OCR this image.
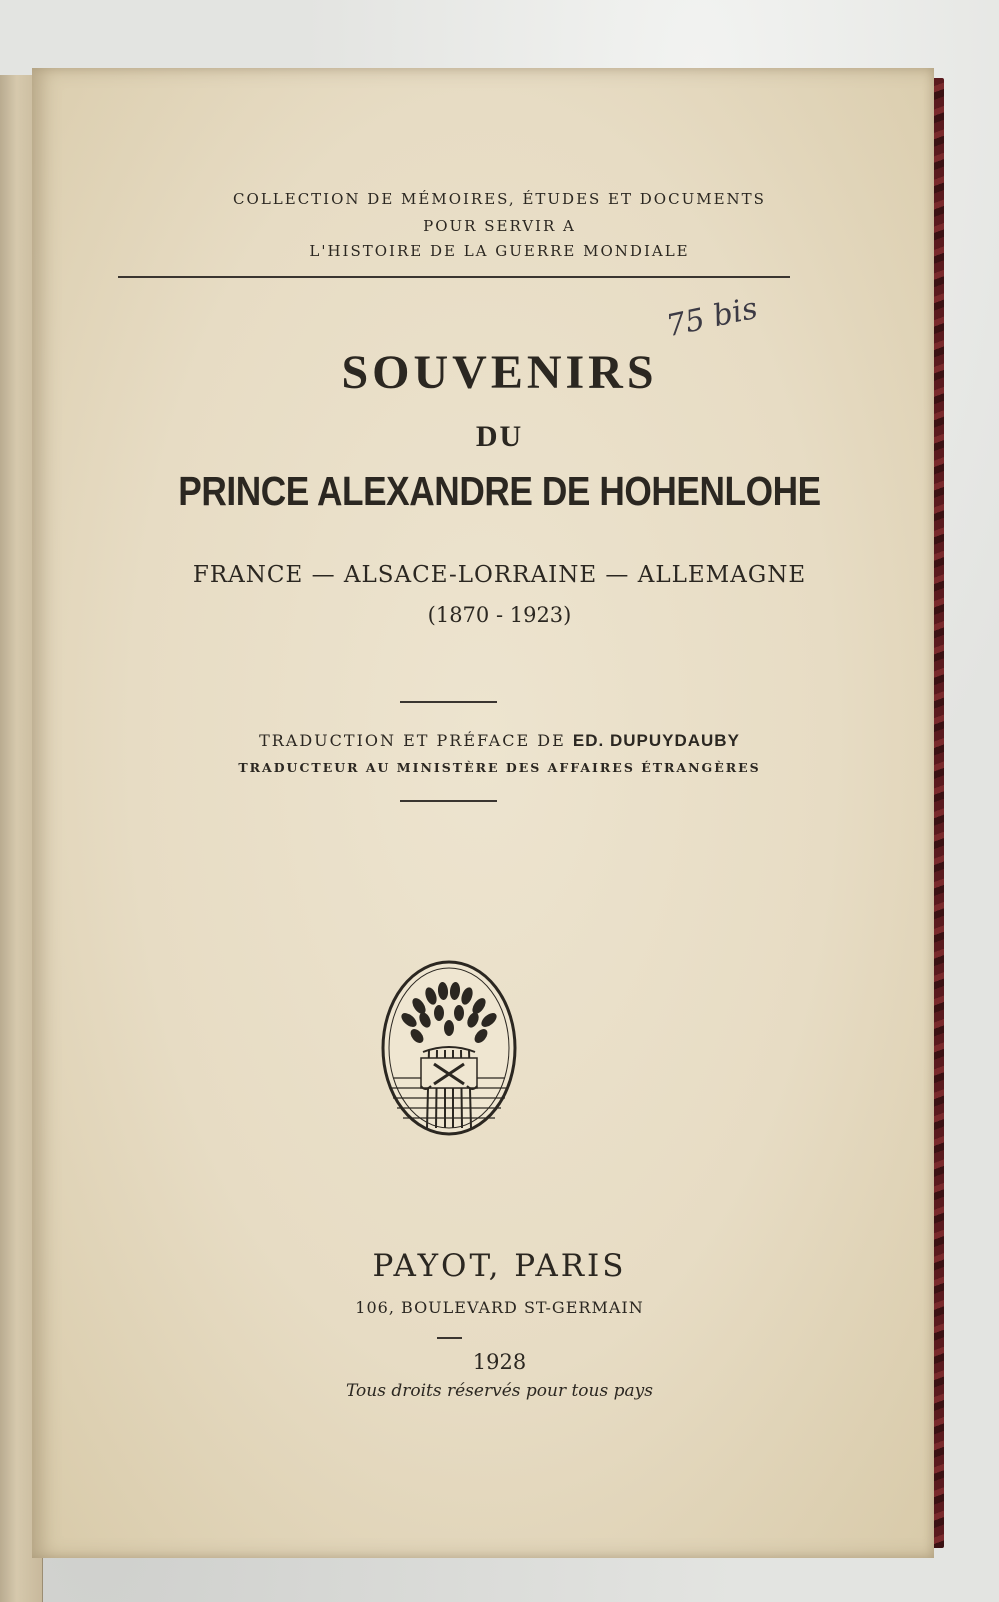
COLLECTION DE MÉMOIRES, ÉTUDES ET DOCUMENTS
POUR SERVIR A
L'HISTOIRE DE LA GUERRE MONDIALE
75 bis
SOUVENIRS
DU
PRINCE ALEXANDRE DE HOHENLOHE
FRANCE — ALSACE-LORRAINE — ALLEMAGNE
(1870 - 1923)
TRADUCTION ET PRÉFACE DE ED. DUPUYDAUBY
TRADUCTEUR AU MINISTÈRE DES AFFAIRES ÉTRANGÈRES
PAYOT, PARIS
106, BOULEVARD ST-GERMAIN
1928
Tous droits réservés pour tous pays
